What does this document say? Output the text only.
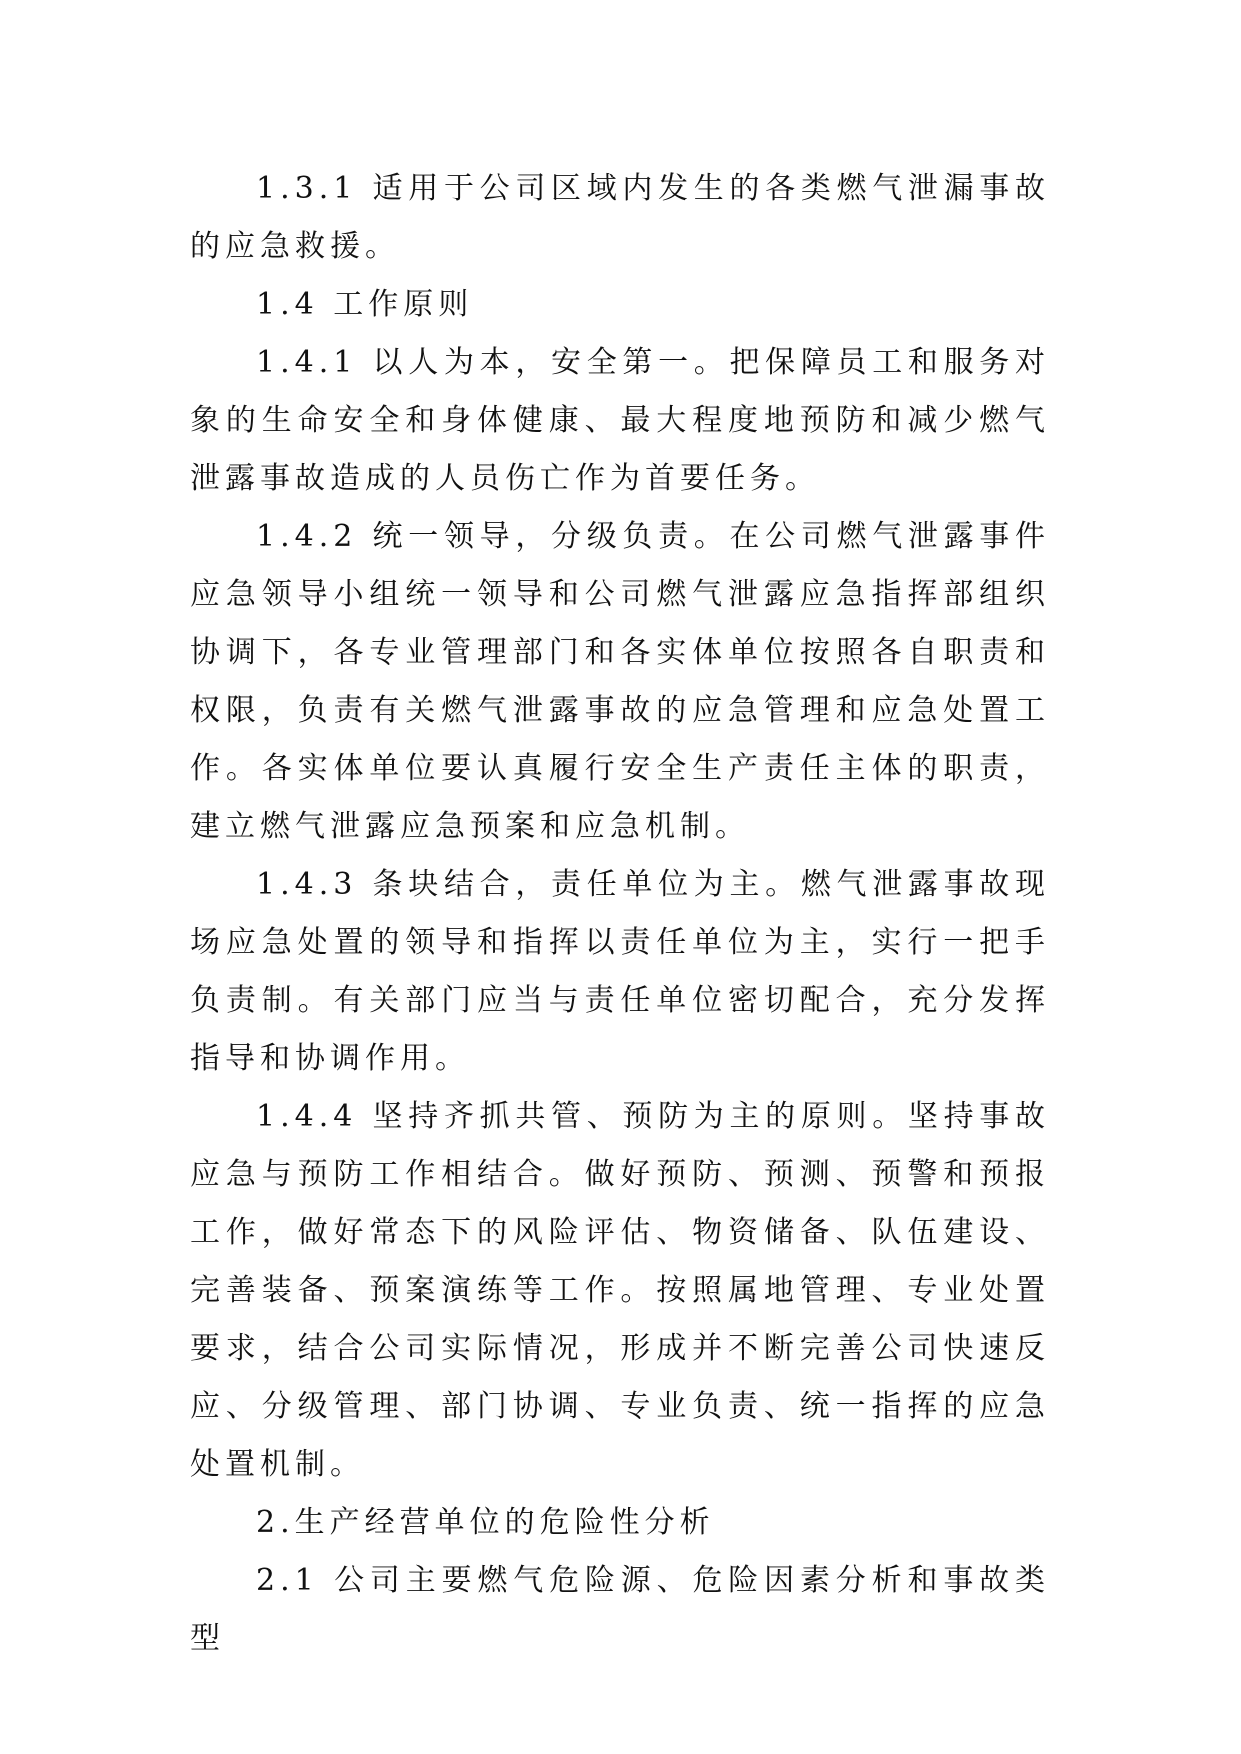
1.3.1 适用于公司区域内发生的各类燃气泄漏事故的应急救援。

1.4 工作原则

1.4.1 以人为本，安全第一。把保障员工和服务对象的生命安全和身体健康、最大程度地预防和减少燃气泄露事故造成的人员伤亡作为首要任务。

1.4.2 统一领导，分级负责。在公司燃气泄露事件应急领导小组统一领导和公司燃气泄露应急指挥部组织协调下，各专业管理部门和各实体单位按照各自职责和权限，负责有关燃气泄露事故的应急管理和应急处置工作。各实体单位要认真履行安全生产责任主体的职责，建立燃气泄露应急预案和应急机制。

1.4.3 条块结合，责任单位为主。燃气泄露事故现场应急处置的领导和指挥以责任单位为主，实行一把手负责制。有关部门应当与责任单位密切配合，充分发挥指导和协调作用。

1.4.4 坚持齐抓共管、预防为主的原则。坚持事故应急与预防工作相结合。做好预防、预测、预警和预报工作，做好常态下的风险评估、物资储备、队伍建设、完善装备、预案演练等工作。按照属地管理、专业处置要求，结合公司实际情况，形成并不断完善公司快速反应、分级管理、部门协调、专业负责、统一指挥的应急处置机制。

2.生产经营单位的危险性分析

2.1 公司主要燃气危险源、危险因素分析和事故类型
